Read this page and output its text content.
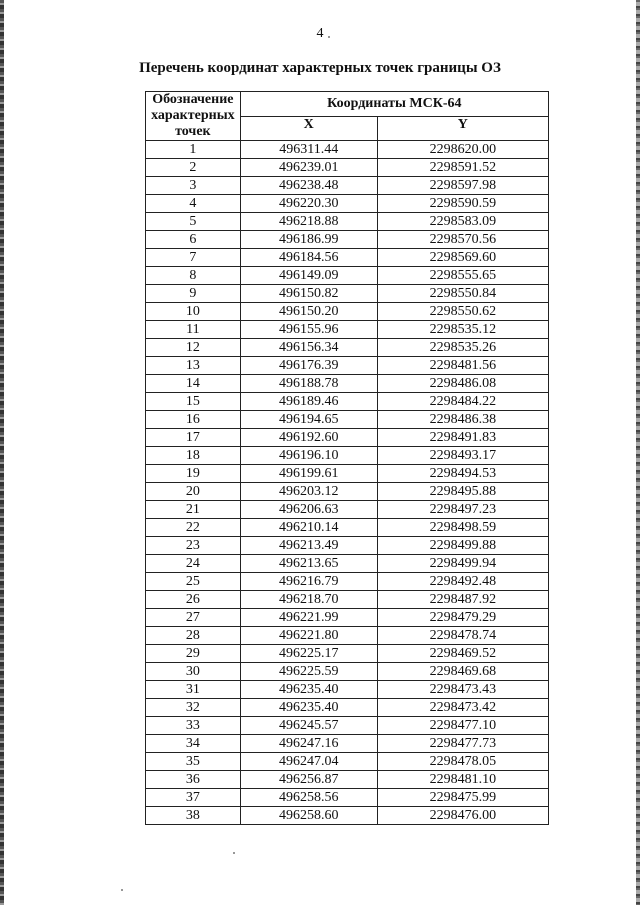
4
Перечень координат характерных точек границы ОЗ
Обозначение характерных точек	Координаты МСК-64	
	X	Y
1	496311.44	2298620.00
2	496239.01	2298591.52
3	496238.48	2298597.98
4	496220.30	2298590.59
5	496218.88	2298583.09
6	496186.99	2298570.56
7	496184.56	2298569.60
8	496149.09	2298555.65
9	496150.82	2298550.84
10	496150.20	2298550.62
11	496155.96	2298535.12
12	496156.34	2298535.26
13	496176.39	2298481.56
14	496188.78	2298486.08
15	496189.46	2298484.22
16	496194.65	2298486.38
17	496192.60	2298491.83
18	496196.10	2298493.17
19	496199.61	2298494.53
20	496203.12	2298495.88
21	496206.63	2298497.23
22	496210.14	2298498.59
23	496213.49	2298499.88
24	496213.65	2298499.94
25	496216.79	2298492.48
26	496218.70	2298487.92
27	496221.99	2298479.29
28	496221.80	2298478.74
29	496225.17	2298469.52
30	496225.59	2298469.68
31	496235.40	2298473.43
32	496235.40	2298473.42
33	496245.57	2298477.10
34	496247.16	2298477.73
35	496247.04	2298478.05
36	496256.87	2298481.10
37	496258.56	2298475.99
38	496258.60	2298476.00
